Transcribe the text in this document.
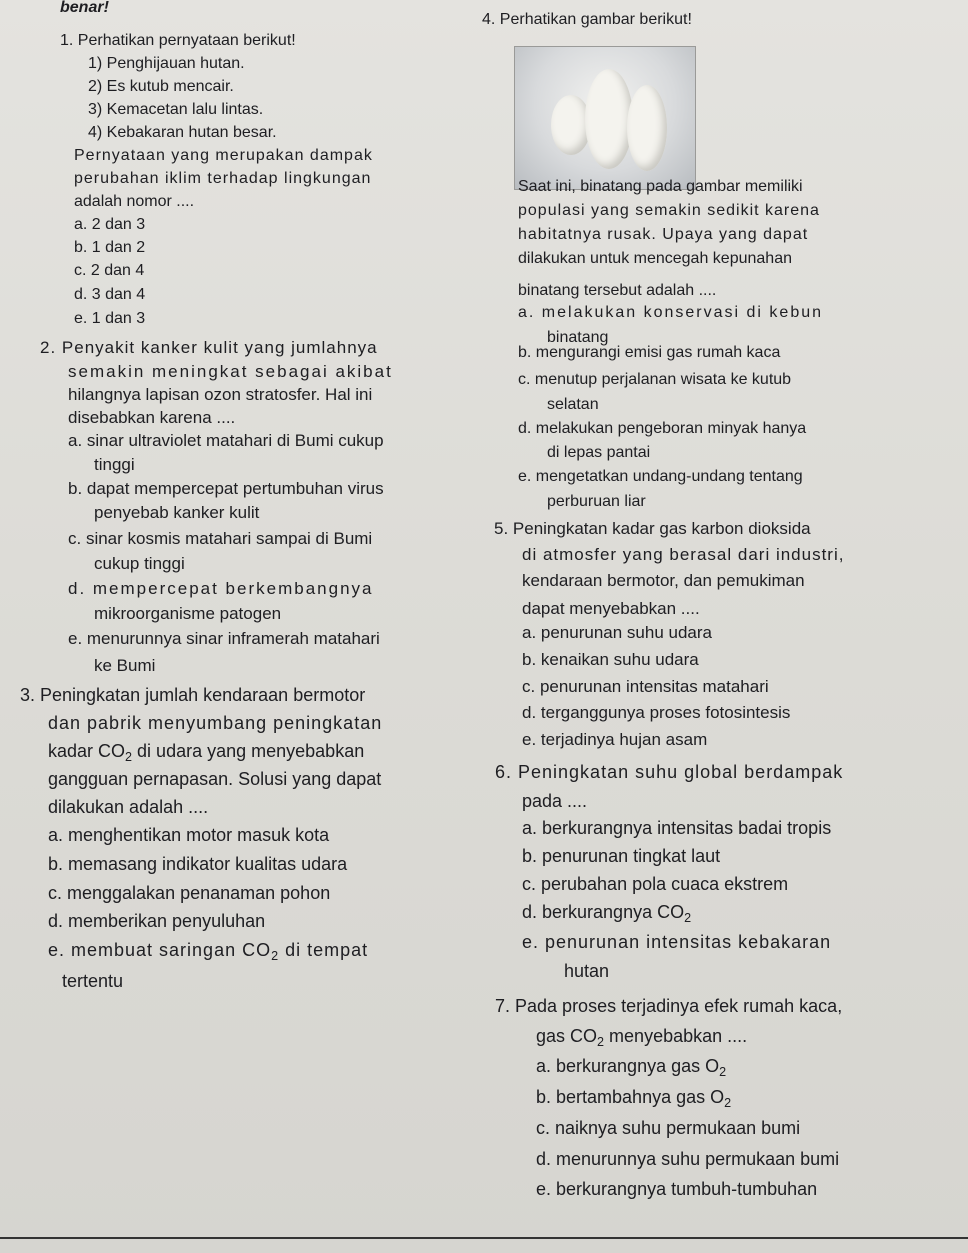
benar!
1. Perhatikan pernyataan berikut!
1) Penghijauan hutan.
2) Es kutub mencair.
3) Kemacetan lalu lintas.
4) Kebakaran hutan besar.
Pernyataan yang merupakan dampak
perubahan iklim terhadap lingkungan
adalah nomor ....
a. 2 dan 3
b. 1 dan 2
c. 2 dan 4
d. 3 dan 4
e. 1 dan 3
2. Penyakit kanker kulit yang jumlahnya
semakin meningkat sebagai akibat
hilangnya lapisan ozon stratosfer. Hal ini
disebabkan karena ....
a. sinar ultraviolet matahari di Bumi cukup
tinggi
b. dapat mempercepat pertumbuhan virus
penyebab kanker kulit
c. sinar kosmis matahari sampai di Bumi
cukup tinggi
d. mempercepat berkembangnya
mikroorganisme patogen
e. menurunnya sinar inframerah matahari
ke Bumi
3. Peningkatan jumlah kendaraan bermotor
dan pabrik menyumbang peningkatan
kadar $CO_2$ di udara yang menyebabkan
gangguan pernapasan. Solusi yang dapat
dilakukan adalah ....
a. menghentikan motor masuk kota
b. memasang indikator kualitas udara
c. menggalakan penanaman pohon
d. memberikan penyuluhan
e. membuat saringan $CO_2$ di tempat
tertentu
4. Perhatikan gambar berikut!
Saat ini, binatang pada gambar memiliki
populasi yang semakin sedikit karena
habitatnya rusak. Upaya yang dapat
dilakukan untuk mencegah kepunahan
binatang tersebut adalah ....
a. melakukan konservasi di kebun
binatang
b. mengurangi emisi gas rumah kaca
c. menutup perjalanan wisata ke kutub
selatan
d. melakukan pengeboran minyak hanya
di lepas pantai
e. mengetatkan undang-undang tentang
perburuan liar
5. Peningkatan kadar gas karbon dioksida
di atmosfer yang berasal dari industri,
kendaraan bermotor, dan pemukiman
dapat menyebabkan ....
a. penurunan suhu udara
b. kenaikan suhu udara
c. penurunan intensitas matahari
d. terganggunya proses fotosintesis
e. terjadinya hujan asam
6. Peningkatan suhu global berdampak
pada ....
a. berkurangnya intensitas badai tropis
b. penurunan tingkat laut
c. perubahan pola cuaca ekstrem
d. berkurangnya $CO_2$
e. penurunan intensitas kebakaran
hutan
7. Pada proses terjadinya efek rumah kaca,
gas $CO_2$ menyebabkan ....
a. berkurangnya gas $O_2$
b. bertambahnya gas $O_2$
c. naiknya suhu permukaan bumi
d. menurunnya suhu permukaan bumi
e. berkurangnya tumbuh-tumbuhan
